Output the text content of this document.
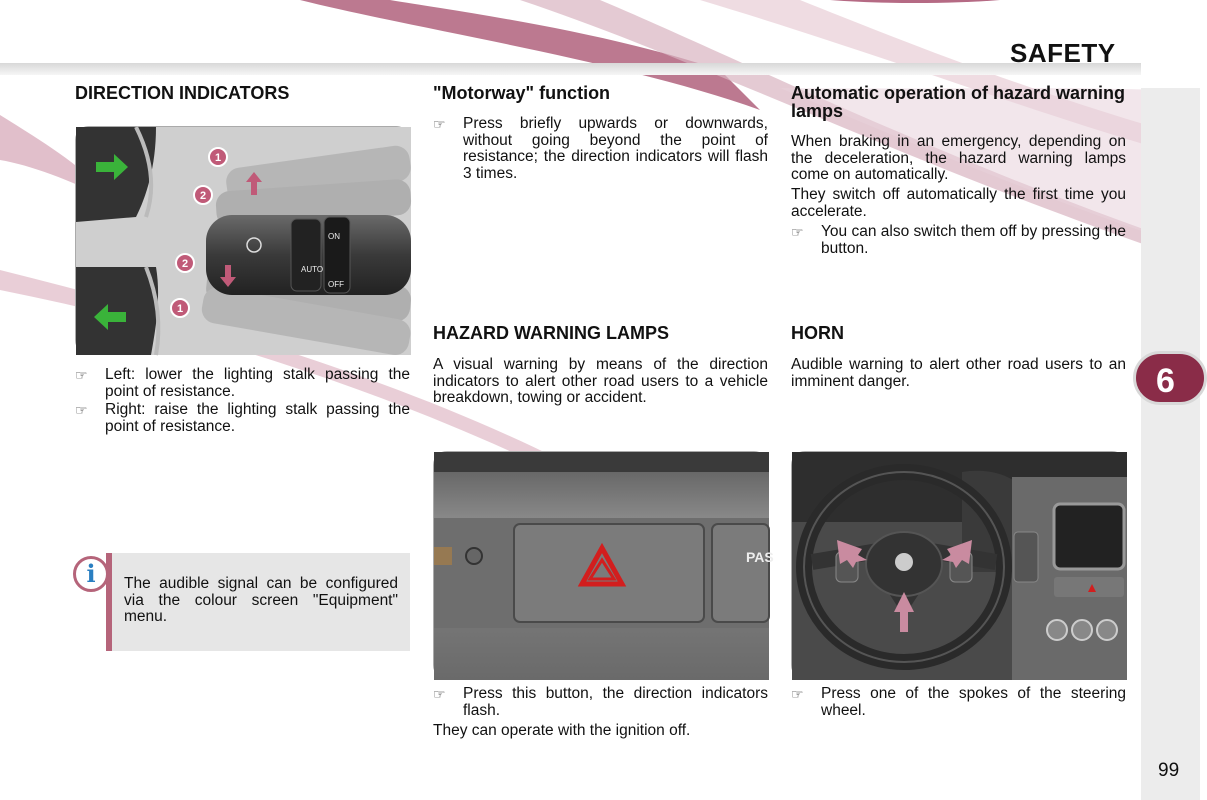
SAFETY
6
99
DIRECTION INDICATORS
AUTO
ON
OFF
1
2
2
1
☞ Left: lower the lighting stalk passing the point of resistance.
☞ Right: raise the lighting stalk passing the point of resistance.
i	The audible signal can be configured via the colour screen "Equipment" menu.
"Motorway" function
☞ Press briefly upwards or downwards, without going beyond the point of resistance; the direction indicators will flash 3 times.
HAZARD WARNING LAMPS
A visual warning by means of the direction indicators to alert other road users to a vehicle breakdown, towing or accident.
PAS
☞ Press this button, the direction indicators flash.
They can operate with the ignition off.
Automatic operation of hazard warning lamps
When braking in an emergency, depending on the deceleration, the hazard warning lamps come on automatically.
They switch off automatically the first time you accelerate.
☞ You can also switch them off by pressing the button.
HORN
Audible warning to alert other road users to an imminent danger.
☞ Press one of the spokes of the steering wheel.
